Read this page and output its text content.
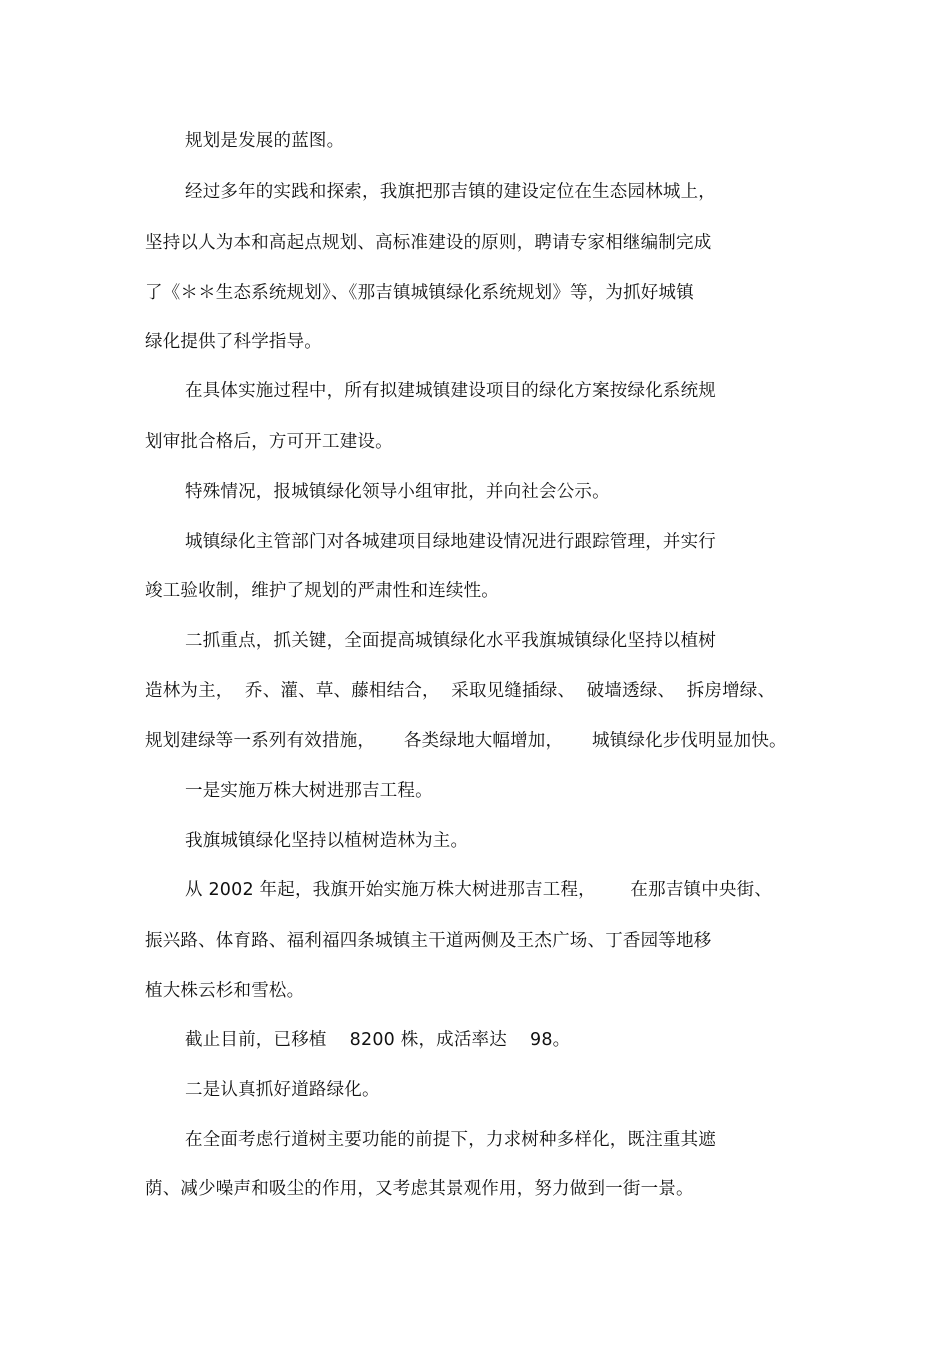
规划是发展的蓝图。
经过多年的实践和探索，我旗把那吉镇的建设定位在生态园林城上，
坚持以人为本和高起点规划、高标准建设的原则，聘请专家相继编制完成
了《＊＊生态系统规划》、《那吉镇城镇绿化系统规划》等，为抓好城镇
绿化提供了科学指导。
在具体实施过程中，所有拟建城镇建设项目的绿化方案按绿化系统规
划审批合格后，方可开工建设。
特殊情况，报城镇绿化领导小组审批，并向社会公示。
城镇绿化主管部门对各城建项目绿地建设情况进行跟踪管理，并实行
竣工验收制，维护了规划的严肃性和连续性。
二抓重点，抓关键，全面提高城镇绿化水平我旗城镇绿化坚持以植树
造林为主，  乔、灌、草、藤相结合，  采取见缝插绿、  破墙透绿、  拆房增绿、
规划建绿等一系列有效措施，     各类绿地大幅增加，     城镇绿化步伐明显加快。
一是实施万株大树进那吉工程。
我旗城镇绿化坚持以植树造林为主。
从 2002 年起，我旗开始实施万株大树进那吉工程，      在那吉镇中央街、
振兴路、体育路、福利福四条城镇主干道两侧及王杰广场、丁香园等地移
植大株云杉和雪松。
截止目前，已移植    8200 株，成活率达    98。
二是认真抓好道路绿化。
在全面考虑行道树主要功能的前提下，力求树种多样化，既注重其遮
荫、减少噪声和吸尘的作用，又考虑其景观作用，努力做到一街一景。
